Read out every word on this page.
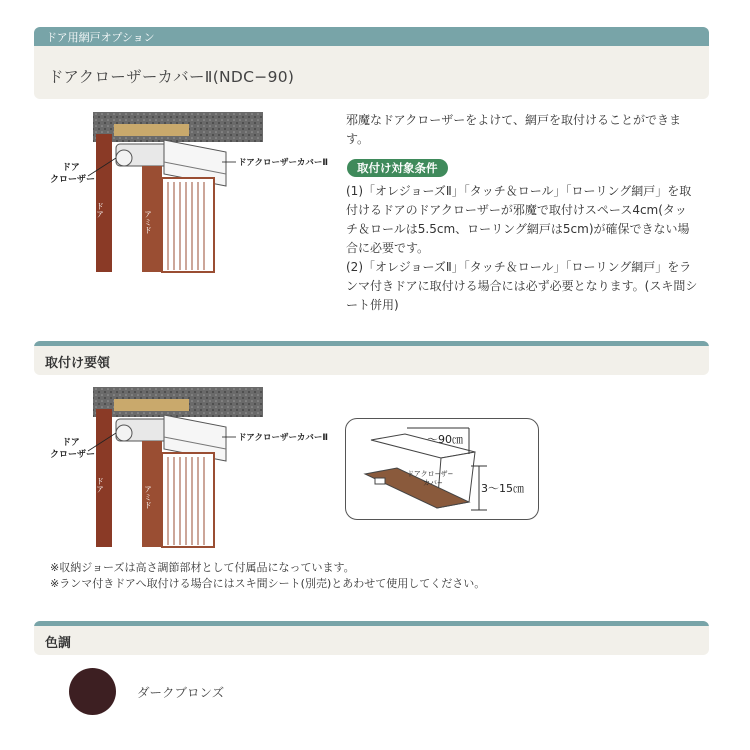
ドア用網戸オプション
ドアクローザーカバーⅡ(NDC−90)
ドア
クローザー
ドアクローザーカバーⅡ
ドア	アミド
邪魔なドアクローザーをよけて、網戸を取付けることができます。
取付け対象条件
(1)「オレジョーズⅡ」「タッチ＆ロール」「ローリング網戸」を取付けるドアのドアクローザーが邪魔で取付けスペース4cm(タッチ＆ロールは5.5cm、ローリング網戸は5cm)が確保できない場合に必要です。
(2)「オレジョーズⅡ」「タッチ＆ロール」「ローリング網戸」をランマ付きドアに取付ける場合には必ず必要となります。(スキ間シート併用)
取付け要領
ドア
クローザー
ドアクローザーカバーⅡ
ドア	アミド
〜90㎝
ドアクロ−ザ−
カバ−	3〜15㎝
※収納ジョーズは高さ調節部材として付属品になっています。
※ランマ付きドアへ取付ける場合にはスキ間シート(別売)とあわせて使用してください。
色調
ダークブロンズ
